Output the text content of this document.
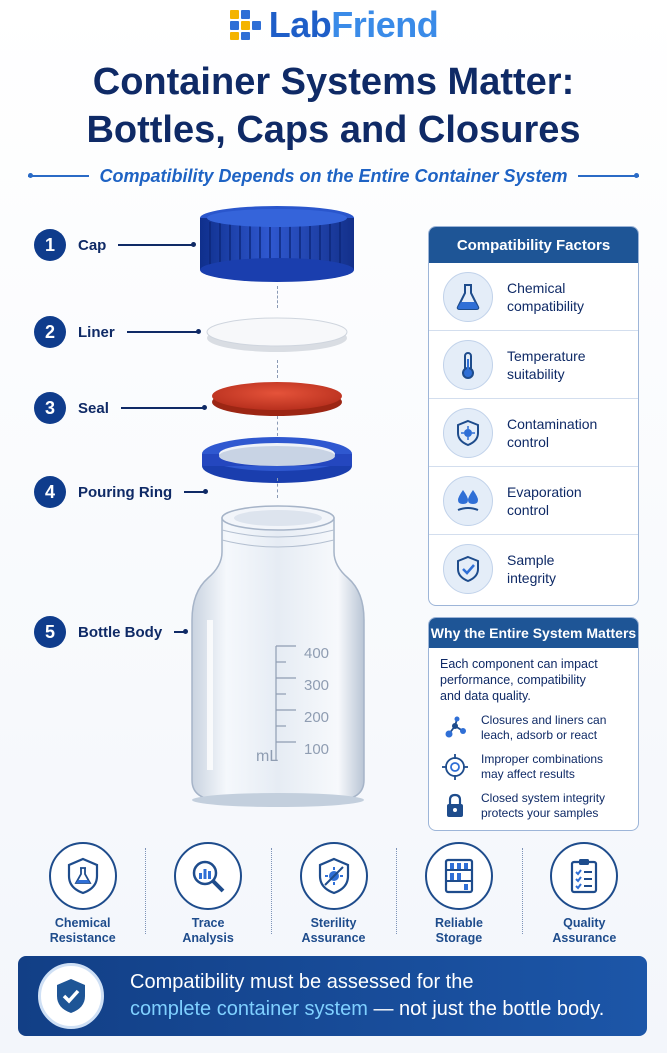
LabFriend
Container Systems Matter:
Bottles, Caps and Closures
Compatibility Depends on the Entire Container System
1	Cap
2	Liner
3	Seal
4	Pouring Ring
5	Bottle Body
400
300
200
100
mL
Compatibility Factors
Chemical
compatibility
Temperature
suitability
Contamination
control
Evaporation
control
Sample
integrity
Why the Entire System Matters
Each component can impact
performance, compatibility
and data quality.
Closures and liners can
leach, adsorb or react
Improper combinations
may affect results
Closed system integrity
protects your samples
Chemical
Resistance
Trace
Analysis
Sterility
Assurance
Reliable
Storage
Quality
Assurance
Compatibility must be assessed for the
complete container system — not just the bottle body.
